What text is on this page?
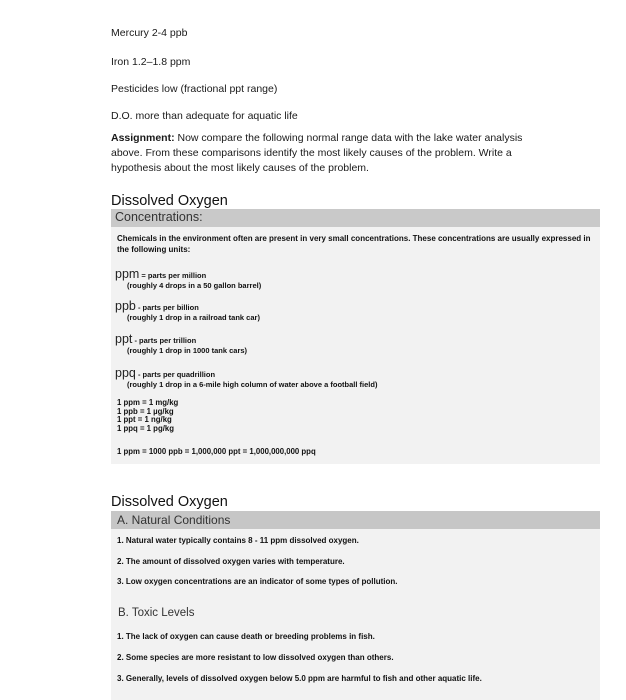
Mercury 2-4 ppb
Iron 1.2–1.8 ppm
Pesticides low (fractional ppt range)
D.O. more than adequate for aquatic life
Assignment: Now compare the following normal range data with the lake water analysis above. From these comparisons identify the most likely causes of the problem. Write a hypothesis about the most likely causes of the problem.
Dissolved Oxygen
Concentrations:
Chemicals in the environment often are present in very small concentrations. These concentrations are usually expressed in the following units:
ppm = parts per million
(roughly 4 drops in a 50 gallon barrel)
ppb - parts per billion
(roughly 1 drop in a railroad tank car)
ppt - parts per trillion
(roughly 1 drop in 1000 tank cars)
ppq - parts per quadrillion
(roughly 1 drop in a 6-mile high column of water above a football field)
1 ppm = 1 mg/kg
1 ppb = 1 µg/kg
1 ppt = 1 ng/kg
1 ppq = 1 pg/kg
1 ppm = 1000 ppb = 1,000,000 ppt = 1,000,000,000 ppq
Dissolved Oxygen
A. Natural Conditions
1. Natural water typically contains 8 - 11 ppm dissolved oxygen.
2. The amount of dissolved oxygen varies with temperature.
3. Low oxygen concentrations are an indicator of some types of pollution.
B. Toxic Levels
1. The lack of oxygen can cause death or breeding problems in fish.
2. Some species are more resistant to low dissolved oxygen than others.
3. Generally, levels of dissolved oxygen below 5.0 ppm are harmful to fish and other aquatic life.
